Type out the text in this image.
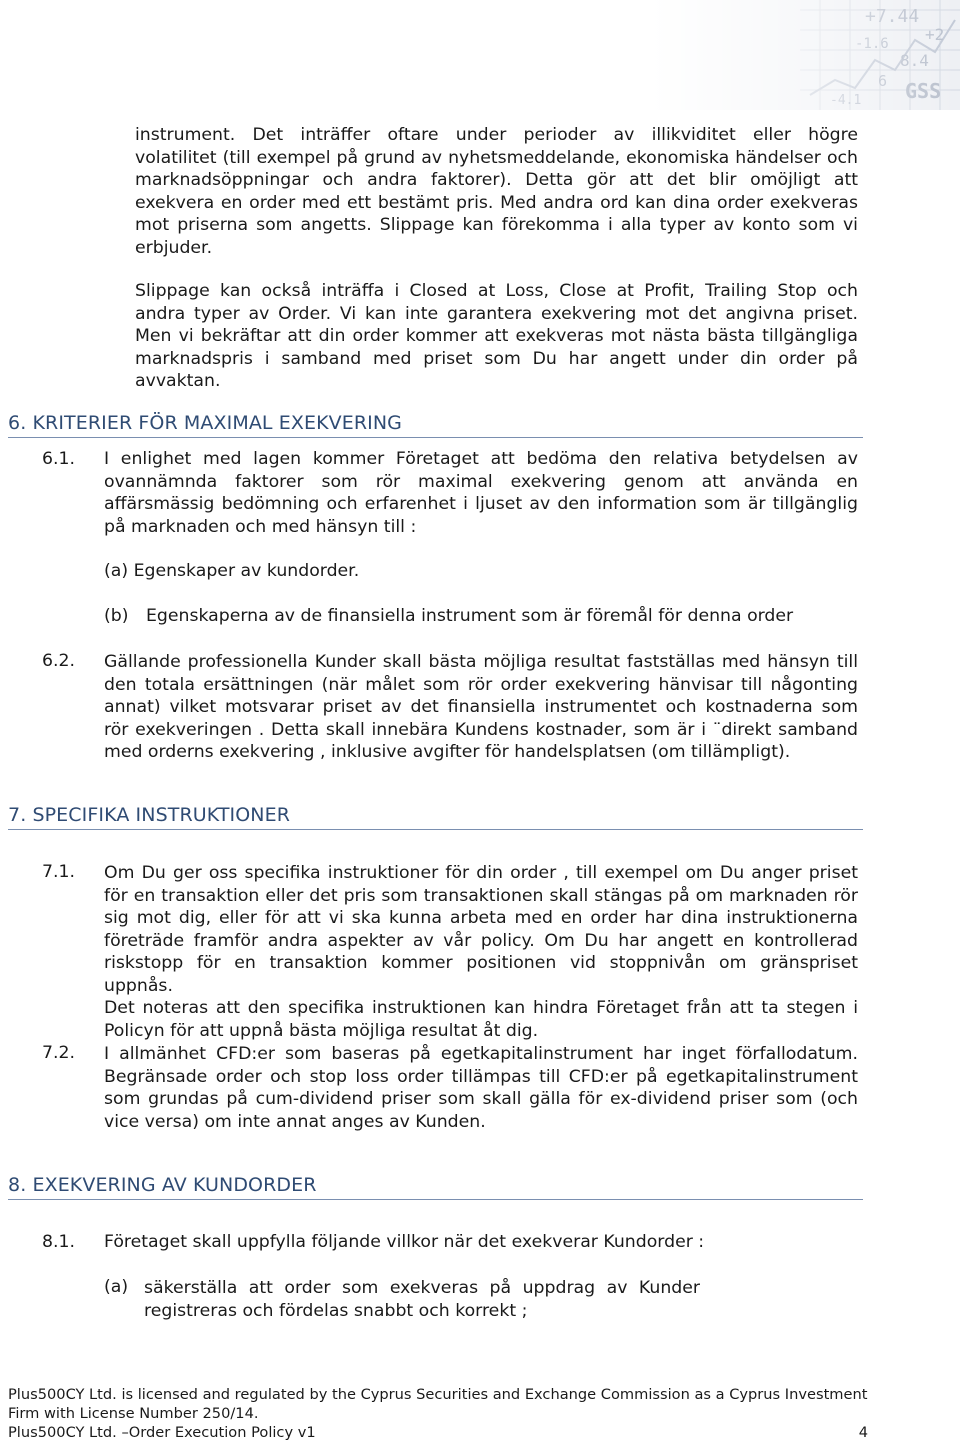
instrument. Det inträffer oftare under perioder av illikviditet eller högre
volatilitet (till exempel på grund av nyhetsmeddelande, ekonomiska händelser och
marknadsöppningar och andra faktorer). Detta gör att det blir omöjligt att
exekvera en order med ett bestämt pris. Med andra ord kan dina order exekveras
mot priserna som angetts. Slippage kan förekomma i alla typer av konto som vi
erbjuder.
Slippage kan också inträffa i Closed at Loss, Close at Profit, Trailing Stop och
andra typer av Order. Vi kan inte garantera exekvering mot det angivna priset.
Men vi bekräftar att din order kommer att exekveras mot nästa bästa tillgängliga
marknadspris i samband med priset som Du har angett under din order på
avvaktan.
6. KRITERIER FÖR MAXIMAL EXEKVERING
6.1. I enlighet med lagen kommer Företaget att bedöma den relativa betydelsen av
ovannämnda faktorer som rör maximal exekvering genom att använda en
affärsmässig bedömning och erfarenhet i ljuset av den information som är tillgänglig
på marknaden och med hänsyn till :
(a) Egenskaper av kundorder.
(b) Egenskaperna av de finansiella instrument som är föremål för denna order
6.2. Gällande professionella Kunder skall bästa möjliga resultat fastställas med hänsyn till
den totala ersättningen (när målet som rör order exekvering hänvisar till någonting
annat) vilket motsvarar priset av det finansiella instrumentet och kostnaderna som
rör exekveringen . Detta skall innebära Kundens kostnader, som är i ¨direkt samband
med orderns exekvering , inklusive avgifter för handelsplatsen (om tillämpligt).
7. SPECIFIKA INSTRUKTIONER
7.1. Om Du ger oss specifika instruktioner för din order , till exempel om Du anger priset
för en transaktion eller det pris som transaktionen skall stängas på om marknaden rör
sig mot dig, eller för att vi ska kunna arbeta med en order har dina instruktionerna
företräde framför andra aspekter av vår policy. Om Du har angett en kontrollerad
riskstopp för en transaktion kommer positionen vid stoppnivån om gränspriset uppnås.
Det noteras att den specifika instruktionen kan hindra Företaget från att ta stegen i
Policyn för att uppnå bästa möjliga resultat åt dig.
7.2. I allmänhet CFD:er som baseras på egetkapitalinstrument har inget förfallodatum.
Begränsade order och stop loss order tillämpas till CFD:er på egetkapitalinstrument
som grundas på cum-dividend priser som skall gälla för ex-dividend priser som (och
vice versa) om inte annat anges av Kunden.
8. EXEKVERING AV KUNDORDER
8.1. Företaget skall uppfylla följande villkor när det exekverar Kundorder :
(a) säkerställa att order som exekveras på uppdrag av Kunder
registreras och fördelas snabbt och korrekt ;
Plus500CY Ltd. is licensed and regulated by the Cyprus Securities and Exchange Commission as a Cyprus Investment
Firm with License Number 250/14.
Plus500CY Ltd. –Order Execution Policy v1	4
